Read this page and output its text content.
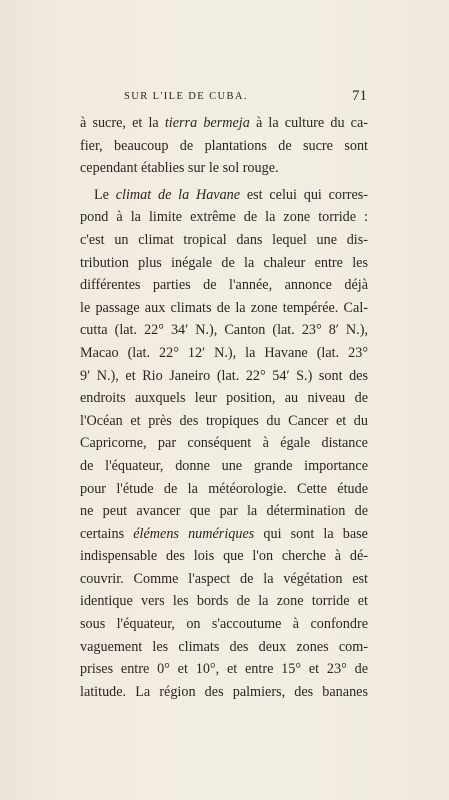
SUR L'ILE DE CUBA.	71
à sucre, et la tierra bermeja à la culture du ca-
fier, beaucoup de plantations de sucre sont
cependant établies sur le sol rouge.
Le climat de la Havane est celui qui corres-
pond à la limite extrême de la zone torride :
c'est un climat tropical dans lequel une dis-
tribution plus inégale de la chaleur entre les
différentes parties de l'année, annonce déjà
le passage aux climats de la zone tempérée. Cal-
cutta (lat. 22° 34′ N.), Canton (lat. 23° 8′ N.),
Macao (lat. 22° 12′ N.), la Havane (lat. 23°
9′ N.), et Rio Janeiro (lat. 22° 54′ S.) sont des
endroits auxquels leur position, au niveau de
l'Océan et près des tropiques du Cancer et du
Capricorne, par conséquent à égale distance
de l'équateur, donne une grande importance
pour l'étude de la météorologie. Cette étude
ne peut avancer que par la détermination de
certains élémens numériques qui sont la base
indispensable des lois que l'on cherche à dé-
couvrir. Comme l'aspect de la végétation est
identique vers les bords de la zone torride et
sous l'équateur, on s'accoutume à confondre
vaguement les climats des deux zones com-
prises entre 0° et 10°, et entre 15° et 23° de
latitude. La région des palmiers, des bananes
